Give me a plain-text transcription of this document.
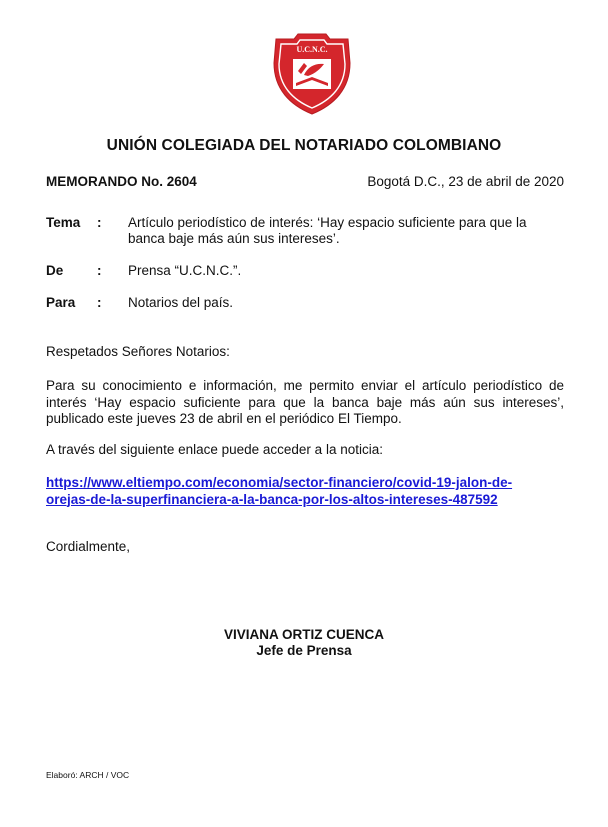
U.C.N.C.
UNIÓN COLEGIADA DEL NOTARIADO COLOMBIANO
MEMORANDO No. 2604	Bogotá D.C., 23 de abril de 2020
Tema : Artículo periodístico de interés: ‘Hay espacio suficiente para que la banca baje más aún sus intereses’.
De : Prensa “U.C.N.C.”.
Para : Notarios del país.
Respetados Señores Notarios:
Para su conocimiento e información, me permito enviar el artículo periodístico de interés ‘Hay espacio suficiente para que la banca baje más aún sus intereses’, publicado este jueves 23 de abril en el periódico El Tiempo.
A través del siguiente enlace puede acceder a la noticia:
https://www.eltiempo.com/economia/sector-financiero/covid-19-jalon-de-
orejas-de-la-superfinanciera-a-la-banca-por-los-altos-intereses-487592
Cordialmente,
VIVIANA ORTIZ CUENCA
Jefe de Prensa
Elaboró: ARCH / VOC
